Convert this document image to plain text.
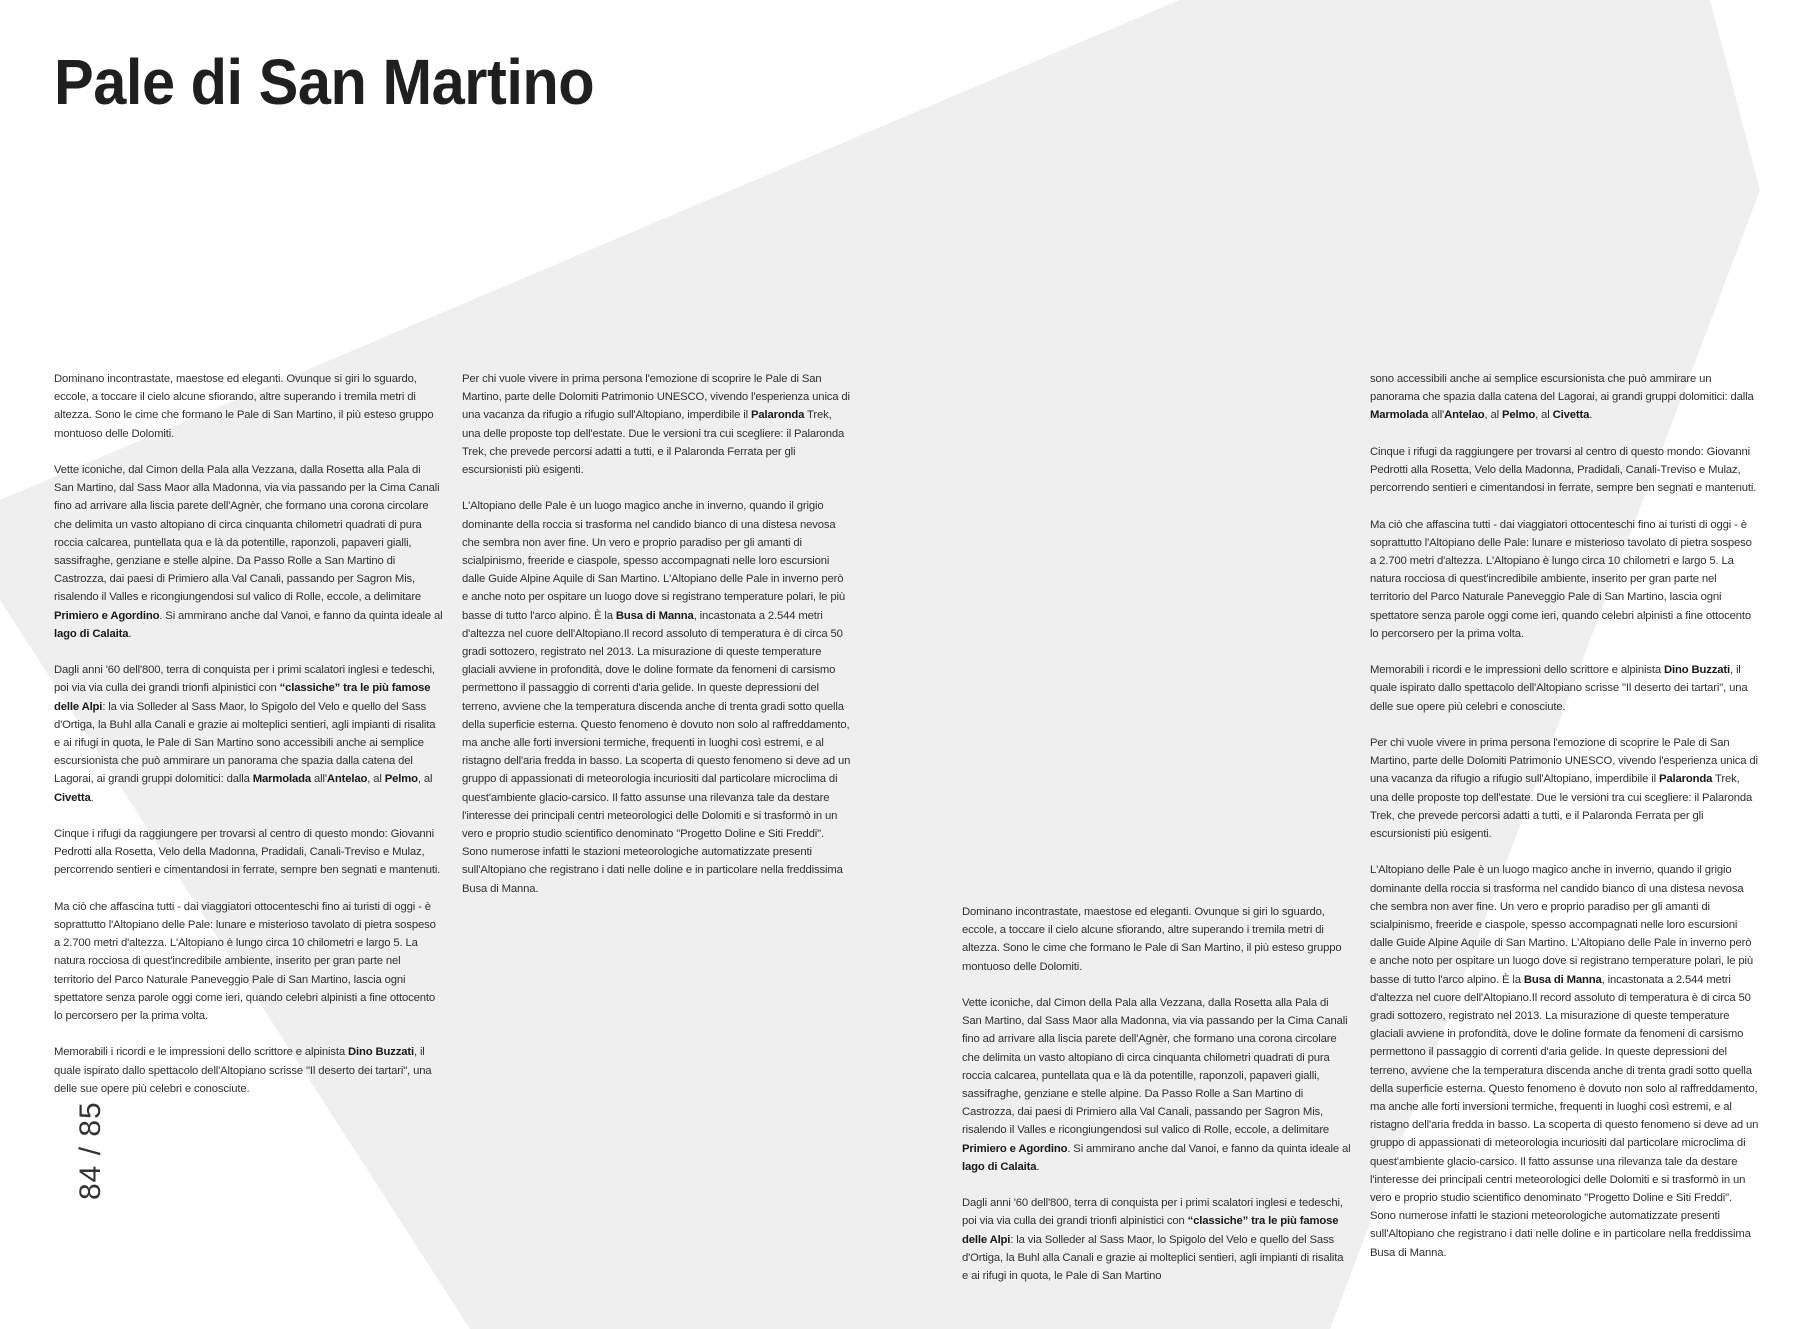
Pale di San Martino

Dominano incontrastate, maestose ed eleganti. Ovunque si giri lo sguardo, eccole, a toccare il cielo alcune sfiorando, altre superando i tremila metri di altezza. Sono le cime che formano le Pale di San Martino, il più esteso gruppo montuoso delle Dolomiti.

Vette iconiche, dal Cimon della Pala alla Vezzana, dalla Rosetta alla Pala di San Martino, dal Sass Maor alla Madonna, via via passando per la Cima Canali fino ad arrivare alla liscia parete dell'Agnèr, che formano una corona circolare che delimita un vasto altopiano di circa cinquanta chilometri quadrati di pura roccia calcarea, puntellata qua e là da potentille, raponzoli, papaveri gialli, sassifraghe, genziane e stelle alpine. Da Passo Rolle a San Martino di Castrozza, dai paesi di Primiero alla Val Canali, passando per Sagron Mis, risalendo il Valles e ricongiungendosi sul valico di Rolle, eccole, a delimitare Primiero e Agordino. Si ammirano anche dal Vanoi, e fanno da quinta ideale al lago di Calaita.

Dagli anni '60 dell'800, terra di conquista per i primi scalatori inglesi e tedeschi, poi via via culla dei grandi trionfi alpinistici con “classiche” tra le più famose delle Alpi: la via Solleder al Sass Maor, lo Spigolo del Velo e quello del Sass d'Ortiga, la Buhl alla Canali e grazie ai molteplici sentieri, agli impianti di risalita e ai rifugi in quota, le Pale di San Martino sono accessibili anche ai semplice escursionista che può ammirare un panorama che spazia dalla catena del Lagorai, ai grandi gruppi dolomitici: dalla Marmolada all'Antelao, al Pelmo, al Civetta.

Cinque i rifugi da raggiungere per trovarsi al centro di questo mondo: Giovanni Pedrotti alla Rosetta, Velo della Madonna, Pradidali, Canali-Treviso e Mulaz, percorrendo sentieri e cimentandosi in ferrate, sempre ben segnati e mantenuti.

Ma ciò che affascina tutti - dai viaggiatori ottocenteschi fino ai turisti di oggi - è soprattutto l'Altopiano delle Pale: lunare e misterioso tavolato di pietra sospeso a 2.700 metri d'altezza. L'Altopiano è lungo circa 10 chilometri e largo 5. La natura rocciosa di quest'incredibile ambiente, inserito per gran parte nel territorio del Parco Naturale Paneveggio Pale di San Martino, lascia ogni spettatore senza parole oggi come ieri, quando celebri alpinisti a fine ottocento lo percorsero per la prima volta.

Memorabili i ricordi e le impressioni dello scrittore e alpinista Dino Buzzati, il quale ispirato dallo spettacolo dell'Altopiano scrisse "Il deserto dei tartari", una delle sue opere più celebri e conosciute.

Per chi vuole vivere in prima persona l'emozione di scoprire le Pale di San Martino, parte delle Dolomiti Patrimonio UNESCO, vivendo l'esperienza unica di una vacanza da rifugio a rifugio sull'Altopiano, imperdibile il Palaronda Trek, una delle proposte top dell'estate. Due le versioni tra cui scegliere: il Palaronda Trek, che prevede percorsi adatti a tutti, e il Palaronda Ferrata per gli escursionisti più esigenti.

L'Altopiano delle Pale è un luogo magico anche in inverno, quando il grigio dominante della roccia si trasforma nel candido bianco di una distesa nevosa che sembra non aver fine. Un vero e proprio paradiso per gli amanti di scialpinismo, freeride e ciaspole, spesso accompagnati nelle loro escursioni dalle Guide Alpine Aquile di San Martino. L'Altopiano delle Pale in inverno però e anche noto per ospitare un luogo dove si registrano temperature polari, le più basse di tutto l'arco alpino. È la Busa di Manna, incastonata a 2.544 metri d'altezza nel cuore dell'Altopiano.Il record assoluto di temperatura è di circa 50 gradi sottozero, registrato nel 2013. La misurazione di queste temperature glaciali avviene in profondità, dove le doline formate da fenomeni di carsismo permettono il passaggio di correnti d'aria gelide. In queste depressioni del terreno, avviene che la temperatura discenda anche di trenta gradi sotto quella della superficie esterna. Questo fenomeno è dovuto non solo al raffreddamento, ma anche alle forti inversioni termiche, frequenti in luoghi così estremi, e al ristagno dell'aria fredda in basso. La scoperta di questo fenomeno si deve ad un gruppo di appassionati di meteorologia incuriositi dal particolare microclima di quest'ambiente glacio-carsico. Il fatto assunse una rilevanza tale da destare l'interesse dei principali centri meteorologici delle Dolomiti e si trasformò in un vero e proprio studio scientifico denominato "Progetto Doline e Siti Freddi". Sono numerose infatti le stazioni meteorologiche automatizzate presenti sull'Altopiano che registrano i dati nelle doline e in particolare nella freddissima Busa di Manna.

Dominano incontrastate, maestose ed eleganti. Ovunque si giri lo sguardo, eccole, a toccare il cielo alcune sfiorando, altre superando i tremila metri di altezza. Sono le cime che formano le Pale di San Martino, il più esteso gruppo montuoso delle Dolomiti.

Vette iconiche, dal Cimon della Pala alla Vezzana, dalla Rosetta alla Pala di San Martino, dal Sass Maor alla Madonna, via via passando per la Cima Canali fino ad arrivare alla liscia parete dell'Agnèr, che formano una corona circolare che delimita un vasto altopiano di circa cinquanta chilometri quadrati di pura roccia calcarea, puntellata qua e là da potentille, raponzoli, papaveri gialli, sassifraghe, genziane e stelle alpine. Da Passo Rolle a San Martino di Castrozza, dai paesi di Primiero alla Val Canali, passando per Sagron Mis, risalendo il Valles e ricongiungendosi sul valico di Rolle, eccole, a delimitare Primiero e Agordino. Si ammirano anche dal Vanoi, e fanno da quinta ideale al lago di Calaita.

Dagli anni '60 dell'800, terra di conquista per i primi scalatori inglesi e tedeschi, poi via via culla dei grandi trionfi alpinistici con “classiche” tra le più famose delle Alpi: la via Solleder al Sass Maor, lo Spigolo del Velo e quello del Sass d'Ortiga, la Buhl alla Canali e grazie ai molteplici sentieri, agli impianti di risalita e ai rifugi in quota, le Pale di San Martino

sono accessibili anche ai semplice escursionista che può ammirare un panorama che spazia dalla catena del Lagorai, ai grandi gruppi dolomitici: dalla Marmolada all'Antelao, al Pelmo, al Civetta.

Cinque i rifugi da raggiungere per trovarsi al centro di questo mondo: Giovanni Pedrotti alla Rosetta, Velo della Madonna, Pradidali, Canali-Treviso e Mulaz, percorrendo sentieri e cimentandosi in ferrate, sempre ben segnati e mantenuti.

Ma ciò che affascina tutti - dai viaggiatori ottocenteschi fino ai turisti di oggi - è soprattutto l'Altopiano delle Pale: lunare e misterioso tavolato di pietra sospeso a 2.700 metri d'altezza. L'Altopiano è lungo circa 10 chilometri e largo 5. La natura rocciosa di quest'incredibile ambiente, inserito per gran parte nel territorio del Parco Naturale Paneveggio Pale di San Martino, lascia ogni spettatore senza parole oggi come ieri, quando celebri alpinisti a fine ottocento lo percorsero per la prima volta.

Memorabili i ricordi e le impressioni dello scrittore e alpinista Dino Buzzati, il quale ispirato dallo spettacolo dell'Altopiano scrisse "Il deserto dei tartari", una delle sue opere più celebri e conosciute.

Per chi vuole vivere in prima persona l'emozione di scoprire le Pale di San Martino, parte delle Dolomiti Patrimonio UNESCO, vivendo l'esperienza unica di una vacanza da rifugio a rifugio sull'Altopiano, imperdibile il Palaronda Trek, una delle proposte top dell'estate. Due le versioni tra cui scegliere: il Palaronda Trek, che prevede percorsi adatti a tutti, e il Palaronda Ferrata per gli escursionisti più esigenti.

L'Altopiano delle Pale è un luogo magico anche in inverno, quando il grigio dominante della roccia si trasforma nel candido bianco di una distesa nevosa che sembra non aver fine. Un vero e proprio paradiso per gli amanti di scialpinismo, freeride e ciaspole, spesso accompagnati nelle loro escursioni dalle Guide Alpine Aquile di San Martino. L'Altopiano delle Pale in inverno però e anche noto per ospitare un luogo dove si registrano temperature polari, le più basse di tutto l'arco alpino. È la Busa di Manna, incastonata a 2.544 metri d'altezza nel cuore dell'Altopiano.Il record assoluto di temperatura è di circa 50 gradi sottozero, registrato nel 2013. La misurazione di queste temperature glaciali avviene in profondità, dove le doline formate da fenomeni di carsismo permettono il passaggio di correnti d'aria gelide. In queste depressioni del terreno, avviene che la temperatura discenda anche di trenta gradi sotto quella della superficie esterna. Questo fenomeno è dovuto non solo al raffreddamento, ma anche alle forti inversioni termiche, frequenti in luoghi così estremi, e al ristagno dell'aria fredda in basso. La scoperta di questo fenomeno si deve ad un gruppo di appassionati di meteorologia incuriositi dal particolare microclima di quest'ambiente glacio-carsico. Il fatto assunse una rilevanza tale da destare l'interesse dei principali centri meteorologici delle Dolomiti e si trasformò in un vero e proprio studio scientifico denominato "Progetto Doline e Siti Freddi". Sono numerose infatti le stazioni meteorologiche automatizzate presenti sull'Altopiano che registrano i dati nelle doline e in particolare nella freddissima Busa di Manna.

84 / 85
